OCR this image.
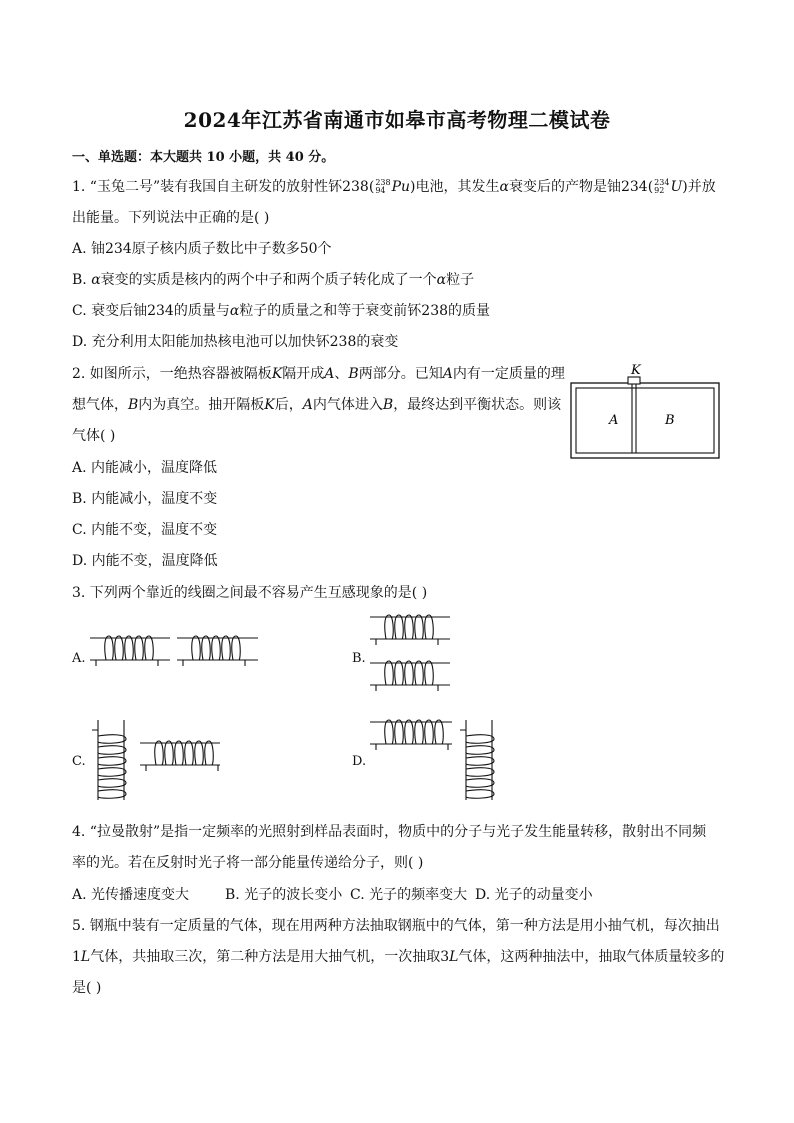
2024年江苏省南通市如皋市高考物理二模试卷
一、单选题：本大题共 10 小题，共 40 分。
1. “玉兔二号”装有我国自主研发的放射性钚238( 238
94 Pu)电池，其发生α衰变后的产物是铀234( 234
92 U)并放
出能量。下列说法中正确的是( )
A. 铀234原子核内质子数比中子数多50个
B. α衰变的实质是核内的两个中子和两个质子转化成了一个α粒子
C. 衰变后铀234的质量与α粒子的质量之和等于衰变前钚238的质量
D. 充分利用太阳能加热核电池可以加快钚238的衰变
2. 如图所示，一绝热容器被隔板K隔开成A、B两部分。已知A内有一定质量的理
想气体，B内为真空。抽开隔板K后，A内气体进入B，最终达到平衡状态。则该
气体( )
A. 内能减小，温度降低
B. 内能减小，温度不变
C. 内能不变，温度不变
D. 内能不变，温度降低
K
A	B
3. 下列两个靠近的线圈之间最不容易产生互感现象的是( )
A.	B.
C.	D.
4. “拉曼散射”是指一定频率的光照射到样品表面时，物质中的分子与光子发生能量转移，散射出不同频
率的光。若在反射时光子将一部分能量传递给分子，则( )
A. 光传播速度变大	B. 光子的波长变小 C. 光子的频率变大 D. 光子的动量变小
5. 钢瓶中装有一定质量的气体，现在用两种方法抽取钢瓶中的气体，第一种方法是用小抽气机，每次抽出
1L气体，共抽取三次，第二种方法是用大抽气机，一次抽取3L气体，这两种抽法中，抽取气体质量较多的
是( )
